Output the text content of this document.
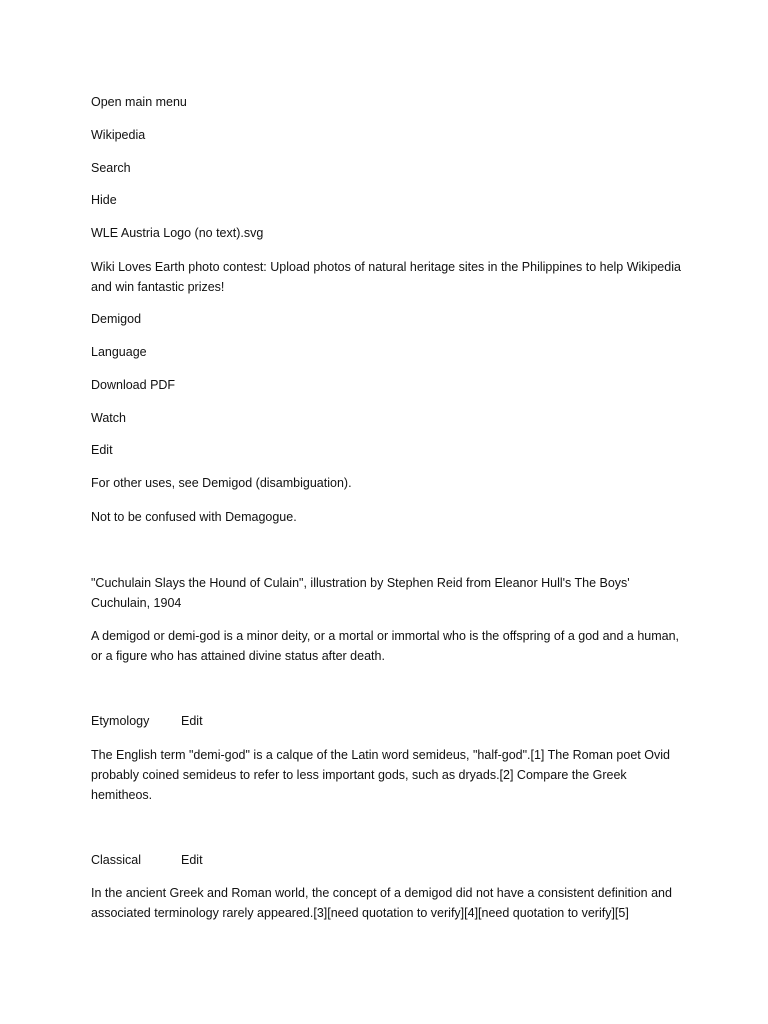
Open main menu
Wikipedia
Search
Hide
WLE Austria Logo (no text).svg
Wiki Loves Earth photo contest: Upload photos of natural heritage sites in the Philippines to help Wikipedia and win fantastic prizes!
Demigod
Language
Download PDF
Watch
Edit
For other uses, see Demigod (disambiguation).
Not to be confused with Demagogue.
"Cuchulain Slays the Hound of Culain", illustration by Stephen Reid from Eleanor Hull's The Boys' Cuchulain, 1904
A demigod or demi-god is a minor deity, or a mortal or immortal who is the offspring of a god and a human, or a figure who has attained divine status after death.
Etymology	Edit
The English term "demi-god" is a calque of the Latin word semideus, "half-god".[1] The Roman poet Ovid probably coined semideus to refer to less important gods, such as dryads.[2] Compare the Greek hemitheos.
Classical	Edit
In the ancient Greek and Roman world, the concept of a demigod did not have a consistent definition and associated terminology rarely appeared.[3][need quotation to verify][4][need quotation to verify][5]
